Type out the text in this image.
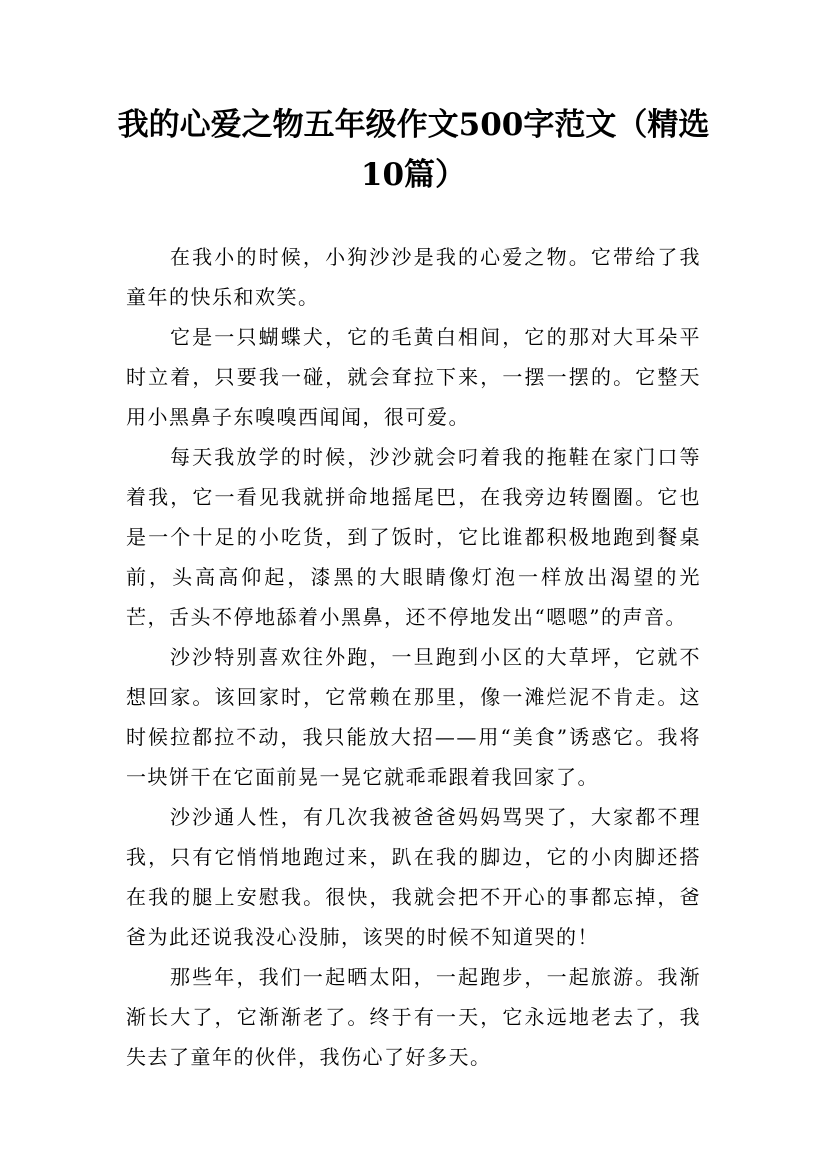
我的心爱之物五年级作文500字范文（精选10篇）

在我小的时候，小狗沙沙是我的心爱之物。它带给了我童年的快乐和欢笑。

它是一只蝴蝶犬，它的毛黄白相间，它的那对大耳朵平时立着，只要我一碰，就会耷拉下来，一摆一摆的。它整天用小黑鼻子东嗅嗅西闻闻，很可爱。

每天我放学的时候，沙沙就会叼着我的拖鞋在家门口等着我，它一看见我就拼命地摇尾巴，在我旁边转圈圈。它也是一个十足的小吃货，到了饭时，它比谁都积极地跑到餐桌前，头高高仰起，漆黑的大眼睛像灯泡一样放出渴望的光芒，舌头不停地舔着小黑鼻，还不停地发出“嗯嗯”的声音。

沙沙特别喜欢往外跑，一旦跑到小区的大草坪，它就不想回家。该回家时，它常赖在那里，像一滩烂泥不肯走。这时候拉都拉不动，我只能放大招——用“美食”诱惑它。我将一块饼干在它面前晃一晃它就乖乖跟着我回家了。

沙沙通人性，有几次我被爸爸妈妈骂哭了，大家都不理我，只有它悄悄地跑过来，趴在我的脚边，它的小肉脚还搭在我的腿上安慰我。很快，我就会把不开心的事都忘掉，爸爸为此还说我没心没肺，该哭的时候不知道哭的！

那些年，我们一起晒太阳，一起跑步，一起旅游。我渐渐长大了，它渐渐老了。终于有一天，它永远地老去了，我失去了童年的伙伴，我伤心了好多天。
